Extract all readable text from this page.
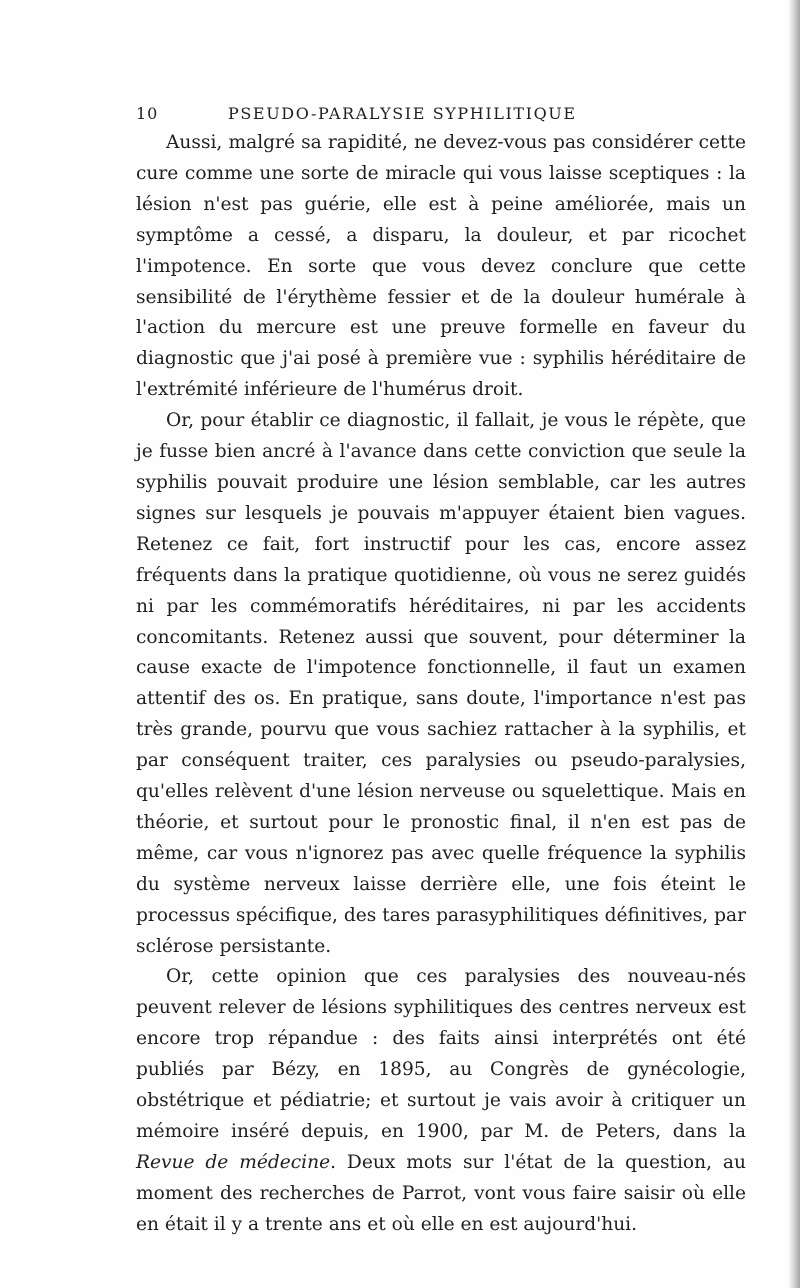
10	PSEUDO-PARALYSIE SYPHILITIQUE

Aussi, malgré sa rapidité, ne devez-vous pas considérer cette cure comme une sorte de miracle qui vous laisse sceptiques : la lésion n'est pas guérie, elle est à peine améliorée, mais un symptôme a cessé, a disparu, la douleur, et par ricochet l'impotence. En sorte que vous devez conclure que cette sensibilité de l'érythème fessier et de la douleur humérale à l'action du mercure est une preuve formelle en faveur du diagnostic que j'ai posé à première vue : syphilis héréditaire de l'extrémité inférieure de l'humérus droit.

Or, pour établir ce diagnostic, il fallait, je vous le répète, que je fusse bien ancré à l'avance dans cette conviction que seule la syphilis pouvait produire une lésion semblable, car les autres signes sur lesquels je pouvais m'appuyer étaient bien vagues. Retenez ce fait, fort instructif pour les cas, encore assez fréquents dans la pratique quotidienne, où vous ne serez guidés ni par les commémoratifs héréditaires, ni par les accidents concomitants. Retenez aussi que souvent, pour déterminer la cause exacte de l'impotence fonctionnelle, il faut un examen attentif des os. En pratique, sans doute, l'importance n'est pas très grande, pourvu que vous sachiez rattacher à la syphilis, et par conséquent traiter, ces paralysies ou pseudo-paralysies, qu'elles relèvent d'une lésion nerveuse ou squelettique. Mais en théorie, et surtout pour le pronostic final, il n'en est pas de même, car vous n'ignorez pas avec quelle fréquence la syphilis du système nerveux laisse derrière elle, une fois éteint le processus spécifique, des tares parasyphilitiques définitives, par sclérose persistante.

Or, cette opinion que ces paralysies des nouveau-nés peuvent relever de lésions syphilitiques des centres nerveux est encore trop répandue : des faits ainsi interprétés ont été publiés par Bézy, en 1895, au Congrès de gynécologie, obstétrique et pédiatrie; et surtout je vais avoir à critiquer un mémoire inséré depuis, en 1900, par M. de Peters, dans la Revue de médecine. Deux mots sur l'état de la question, au moment des recherches de Parrot, vont vous faire saisir où elle en était il y a trente ans et où elle en est aujourd'hui.
